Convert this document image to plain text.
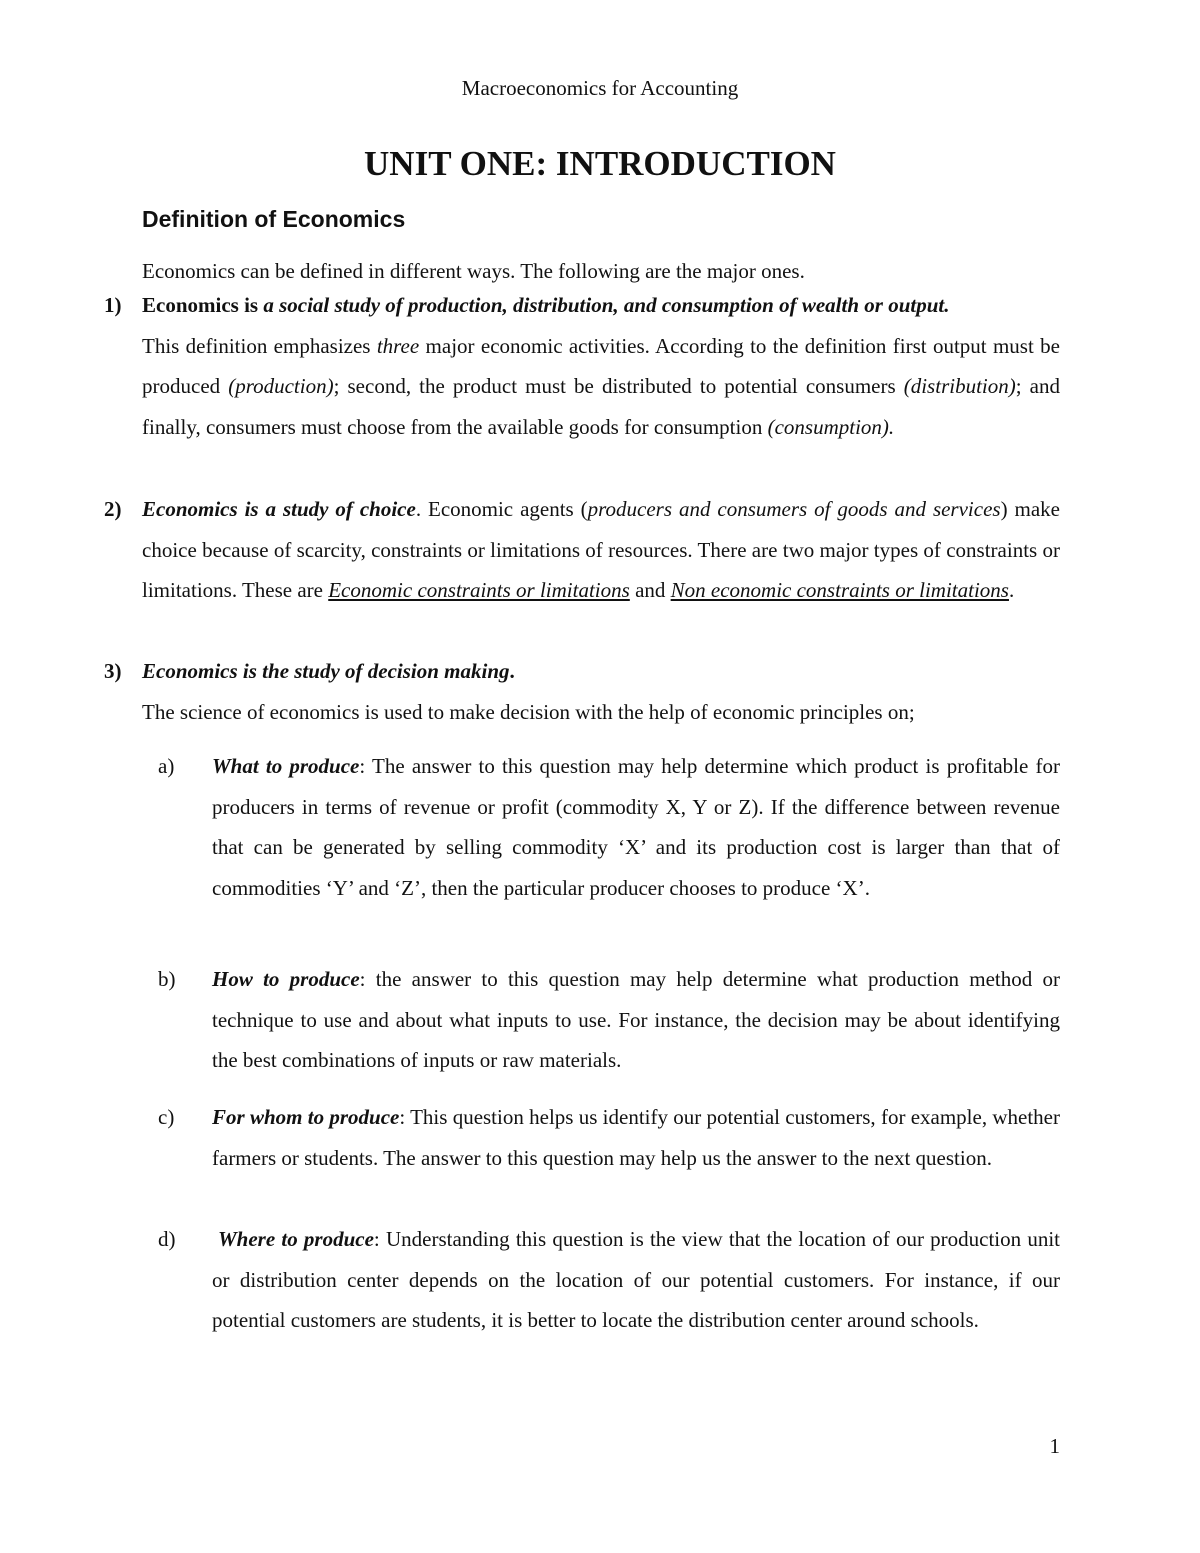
Macroeconomics for Accounting
UNIT ONE: INTRODUCTION
Definition of Economics

Economics can be defined in different ways. The following are the major ones.

1) Economics is a social study of production, distribution, and consumption of wealth or output.
This definition emphasizes three major economic activities. According to the definition first output must be produced (production); second, the product must be distributed to potential consumers (distribution); and finally, consumers must choose from the available goods for consumption (consumption).

2) Economics is a study of choice. Economic agents (producers and consumers of goods and services) make choice because of scarcity, constraints or limitations of resources. There are two major types of constraints or limitations. These are Economic constraints or limitations and Non economic constraints or limitations.

3) Economics is the study of decision making.
The science of economics is used to make decision with the help of economic principles on;

a) What to produce: The answer to this question may help determine which product is profitable for producers in terms of revenue or profit (commodity X, Y or Z). If the difference between revenue that can be generated by selling commodity ‘X’ and its production cost is larger than that of commodities ‘Y’ and ‘Z’, then the particular producer chooses to produce ‘X’.

b) How to produce: the answer to this question may help determine what production method or technique to use and about what inputs to use. For instance, the decision may be about identifying the best combinations of inputs or raw materials.

c) For whom to produce: This question helps us identify our potential customers, for example, whether farmers or students. The answer to this question may help us the answer to the next question.

d) Where to produce: Understanding this question is the view that the location of our production unit or distribution center depends on the location of our potential customers. For instance, if our potential customers are students, it is better to locate the distribution center around schools.

1
